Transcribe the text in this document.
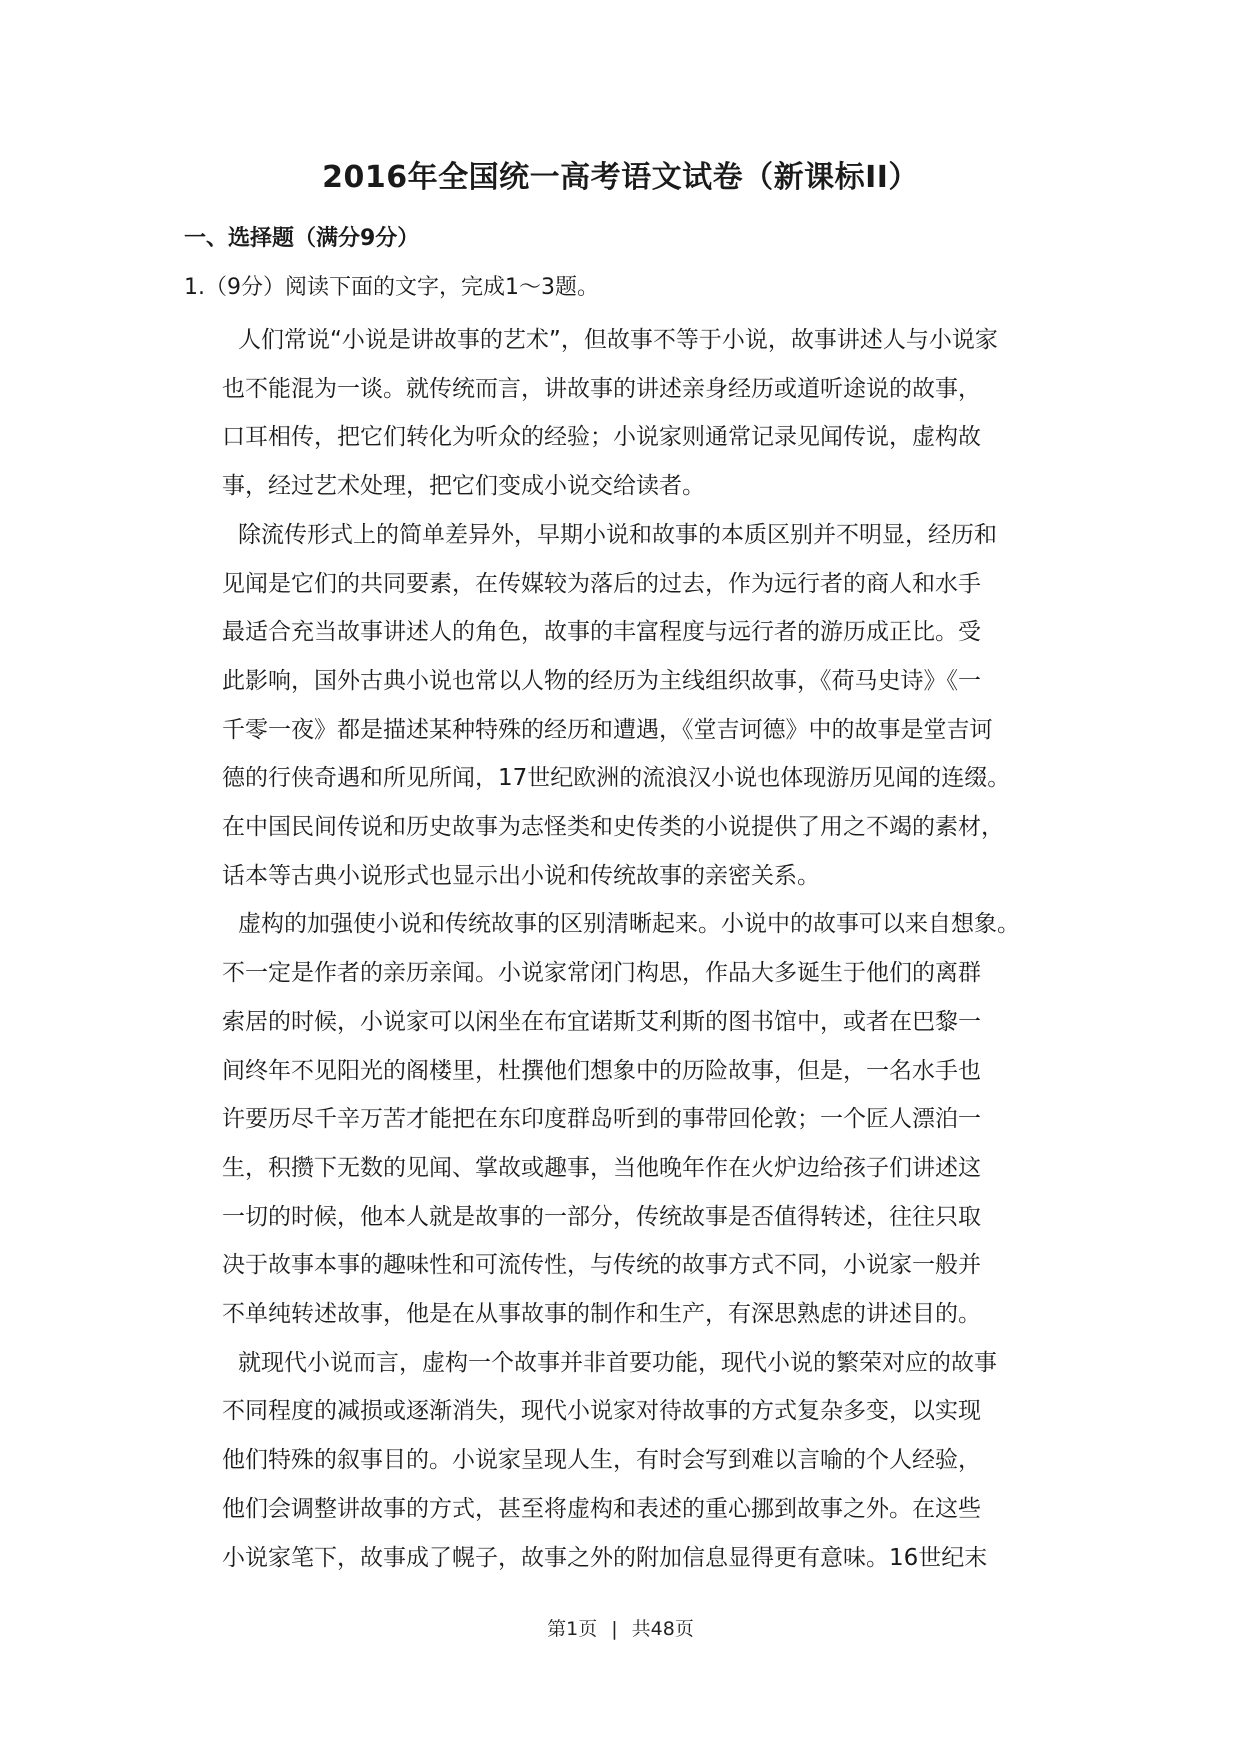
2016年全国统一高考语文试卷（新课标II）
一、选择题（满分9分）
1.（9分）阅读下面的文字，完成1～3题。

人们常说“小说是讲故事的艺术”，但故事不等于小说，故事讲述人与小说家
也不能混为一谈。就传统而言，讲故事的讲述亲身经历或道听途说的故事，
口耳相传，把它们转化为听众的经验；小说家则通常记录见闻传说，虚构故
事，经过艺术处理，把它们变成小说交给读者。

除流传形式上的简单差异外，早期小说和故事的本质区别并不明显，经历和
见闻是它们的共同要素，在传媒较为落后的过去，作为远行者的商人和水手
最适合充当故事讲述人的角色，故事的丰富程度与远行者的游历成正比。受
此影响，国外古典小说也常以人物的经历为主线组织故事，《荷马史诗》《一
千零一夜》都是描述某种特殊的经历和遭遇，《堂吉诃德》中的故事是堂吉诃
德的行侠奇遇和所见所闻，17世纪欧洲的流浪汉小说也体现游历见闻的连缀。
在中国民间传说和历史故事为志怪类和史传类的小说提供了用之不竭的素材，
话本等古典小说形式也显示出小说和传统故事的亲密关系。

虚构的加强使小说和传统故事的区别清晰起来。小说中的故事可以来自想象。
不一定是作者的亲历亲闻。小说家常闭门构思，作品大多诞生于他们的离群
索居的时候，小说家可以闲坐在布宜诺斯艾利斯的图书馆中，或者在巴黎一
间终年不见阳光的阁楼里，杜撰他们想象中的历险故事，但是，一名水手也
许要历尽千辛万苦才能把在东印度群岛听到的事带回伦敦；一个匠人漂泊一
生，积攒下无数的见闻、掌故或趣事，当他晚年作在火炉边给孩子们讲述这
一切的时候，他本人就是故事的一部分，传统故事是否值得转述，往往只取
决于故事本事的趣味性和可流传性，与传统的故事方式不同，小说家一般并
不单纯转述故事，他是在从事故事的制作和生产，有深思熟虑的讲述目的。

就现代小说而言，虚构一个故事并非首要功能，现代小说的繁荣对应的故事
不同程度的减损或逐渐消失，现代小说家对待故事的方式复杂多变，以实现
他们特殊的叙事目的。小说家呈现人生，有时会写到难以言喻的个人经验，
他们会调整讲故事的方式，甚至将虚构和表述的重心挪到故事之外。在这些
小说家笔下，故事成了幌子，故事之外的附加信息显得更有意味。16世纪末

第1页 | 共48页
